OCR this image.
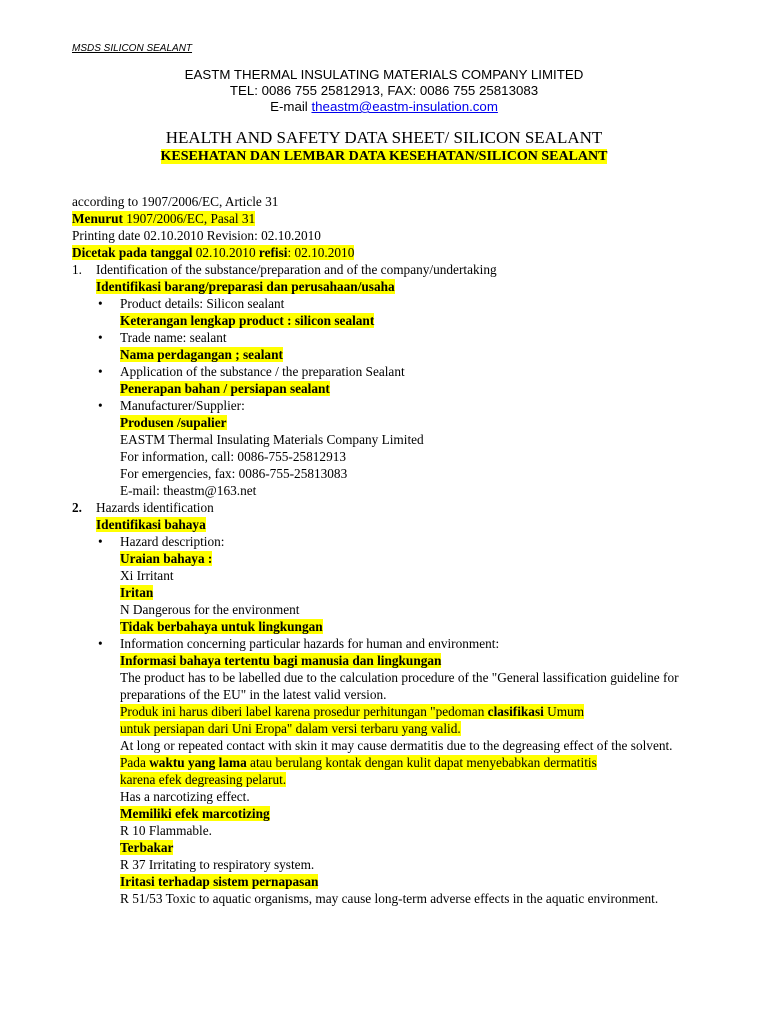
MSDS SILICON SEALANT
EASTM THERMAL INSULATING MATERIALS COMPANY LIMITED
TEL: 0086 755 25812913, FAX: 0086 755 25813083
E-mail theastm@eastm-insulation.com
HEALTH AND SAFETY DATA SHEET/ SILICON SEALANT
KESEHATAN DAN LEMBAR DATA KESEHATAN/SILICON SEALANT
according to 1907/2006/EC, Article 31
Menurut 1907/2006/EC, Pasal 31
Printing date 02.10.2010 Revision: 02.10.2010
Dicetak pada tanggal 02.10.2010 refisi: 02.10.2010
1. Identification of the substance/preparation and of the company/undertaking
Identifikasi barang/preparasi dan perusahaan/usaha
• Product details: Silicon sealant
Keterangan lengkap product : silicon sealant
• Trade name: sealant
Nama perdagangan ; sealant
• Application of the substance / the preparation Sealant
Penerapan bahan / persiapan sealant
• Manufacturer/Supplier:
Produsen /supalier
EASTM Thermal Insulating Materials Company Limited
For information, call: 0086-755-25812913
For emergencies, fax: 0086-755-25813083
E-mail: theastm@163.net
2. Hazards identification
Identifikasi bahaya
• Hazard description:
Uraian bahaya :
Xi Irritant
Iritan
N Dangerous for the environment
Tidak berbahaya untuk lingkungan
• Information concerning particular hazards for human and environment:
Informasi bahaya tertentu bagi manusia dan lingkungan
The product has to be labelled due to the calculation procedure of the "General lassification guideline for preparations of the EU" in the latest valid version.
Produk ini harus diberi label karena prosedur perhitungan "pedoman clasifikasi Umum
untuk persiapan dari Uni Eropa" dalam versi terbaru yang valid.
At long or repeated contact with skin it may cause dermatitis due to the degreasing effect of the solvent.
Pada waktu yang lama atau berulang kontak dengan kulit dapat menyebabkan dermatitis
karena efek degreasing pelarut.
Has a narcotizing effect.
Memiliki efek marcotizing
R 10 Flammable.
Terbakar
R 37 Irritating to respiratory system.
Iritasi terhadap sistem pernapasan
R 51/53 Toxic to aquatic organisms, may cause long-term adverse effects in the aquatic environment.
